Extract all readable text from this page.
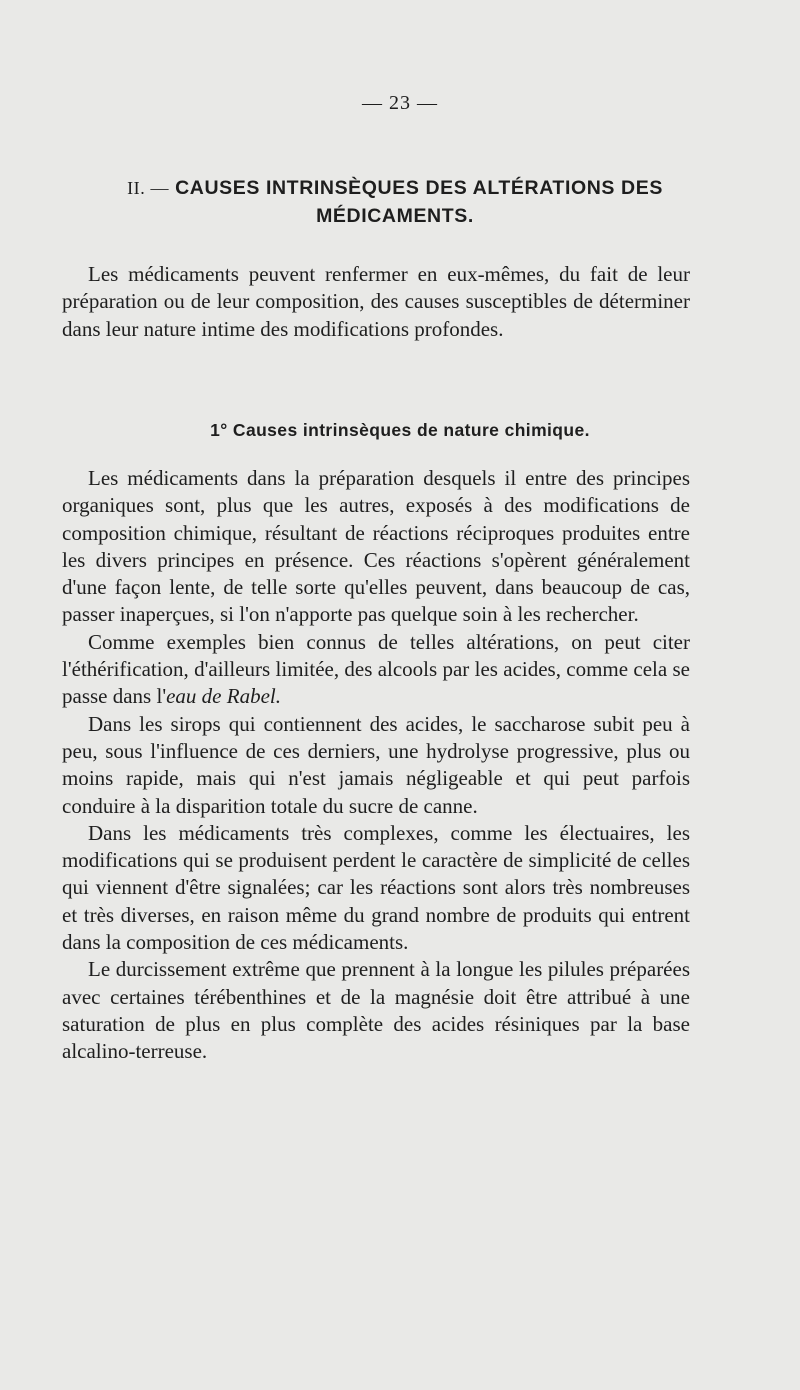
— 23 —
II. — CAUSES INTRINSÈQUES DES ALTÉRATIONS DES MÉDICAMENTS.

Les médicaments peuvent renfermer en eux-mêmes, du fait de leur préparation ou de leur composition, des causes susceptibles de déterminer dans leur nature intime des modifications profondes.

1° Causes intrinsèques de nature chimique.

Les médicaments dans la préparation desquels il entre des principes organiques sont, plus que les autres, exposés à des modifications de composition chimique, résultant de réactions réciproques produites entre les divers principes en présence. Ces réactions s'opèrent généralement d'une façon lente, de telle sorte qu'elles peuvent, dans beaucoup de cas, passer inaperçues, si l'on n'apporte pas quelque soin à les rechercher.

Comme exemples bien connus de telles altérations, on peut citer l'éthérification, d'ailleurs limitée, des alcools par les acides, comme cela se passe dans l'eau de Rabel.

Dans les sirops qui contiennent des acides, le saccharose subit peu à peu, sous l'influence de ces derniers, une hydrolyse progressive, plus ou moins rapide, mais qui n'est jamais négligeable et qui peut parfois conduire à la disparition totale du sucre de canne.

Dans les médicaments très complexes, comme les électuaires, les modifications qui se produisent perdent le caractère de simplicité de celles qui viennent d'être signalées; car les réactions sont alors très nombreuses et très diverses, en raison même du grand nombre de produits qui entrent dans la composition de ces médicaments.

Le durcissement extrême que prennent à la longue les pilules préparées avec certaines térébenthines et de la magnésie doit être attribué à une saturation de plus en plus complète des acides résiniques par la base alcalino-terreuse.
